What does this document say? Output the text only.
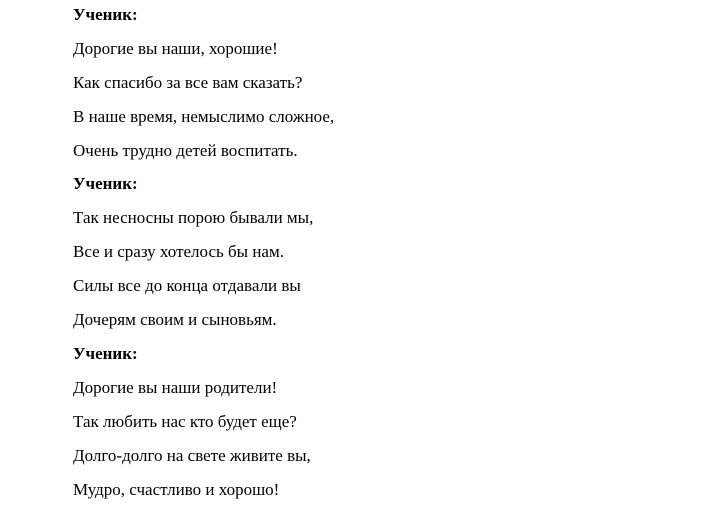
Ученик:
Дорогие вы наши, хорошие!
Как спасибо за все вам сказать?
В наше время, немыслимо сложное,
Очень трудно детей воспитать.
Ученик:
Так несносны порою бывали мы,
Все и сразу хотелось бы нам.
Силы все до конца отдавали вы
Дочерям своим и сыновьям.
Ученик:
Дорогие вы наши родители!
Так любить нас кто будет еще?
Долго-долго на свете живите вы,
Мудро, счастливо и хорошо!
